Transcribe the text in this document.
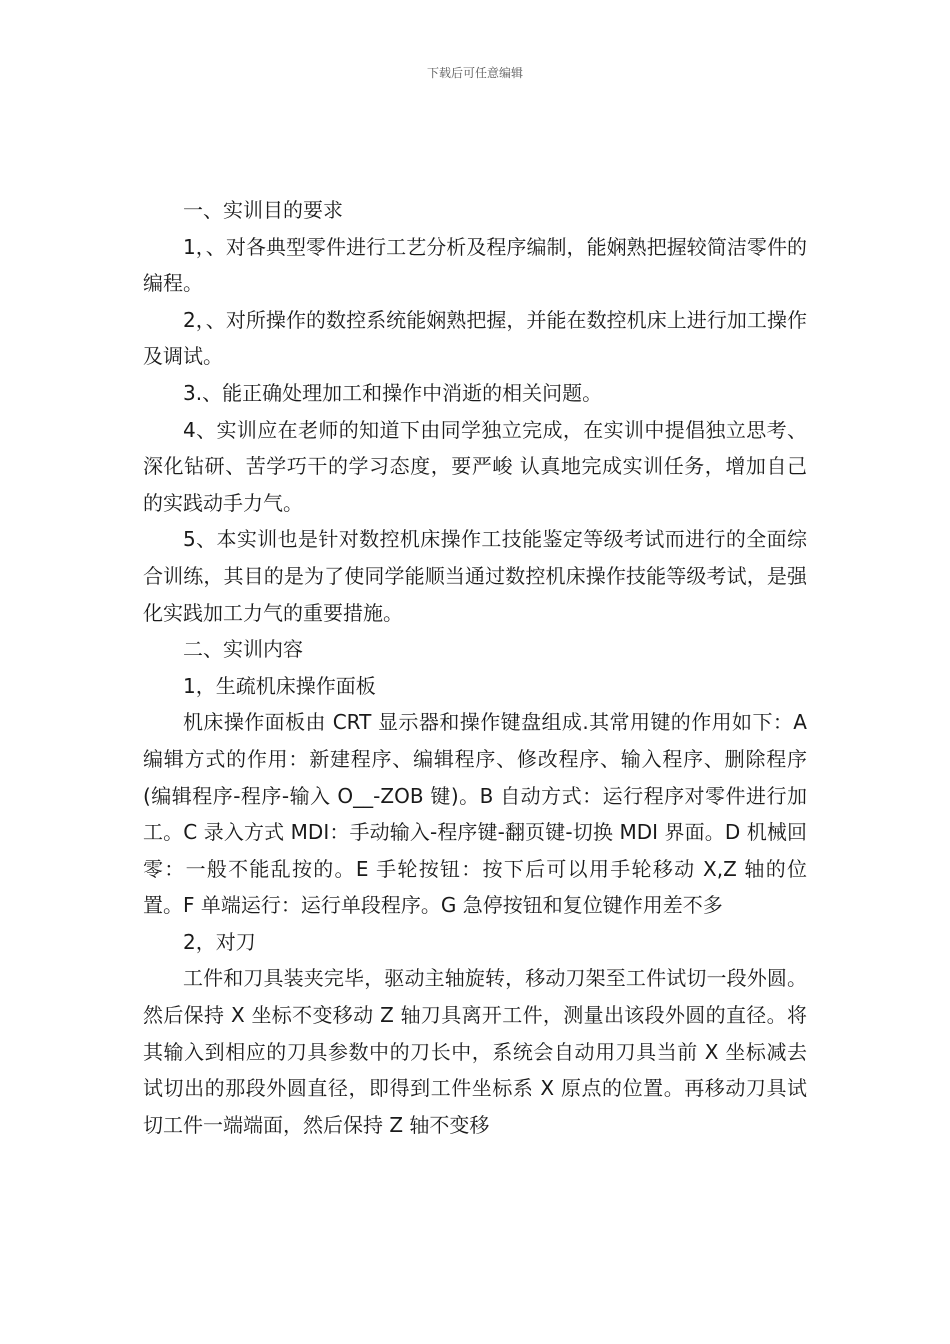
下载后可任意编辑

一、实训目的要求

1，、对各典型零件进行工艺分析及程序编制，能娴熟把握较简洁零件的编程。

2，、对所操作的数控系统能娴熟把握，并能在数控机床上进行加工操作及调试。

3.、能正确处理加工和操作中消逝的相关问题。

4、实训应在老师的知道下由同学独立完成，在实训中提倡独立思考、深化钻研、苦学巧干的学习态度，要严峻 认真地完成实训任务，增加自己的实践动手力气。

5、本实训也是针对数控机床操作工技能鉴定等级考试而进行的全面综合训练，其目的是为了使同学能顺当通过数控机床操作技能等级考试，是强化实践加工力气的重要措施。

二、实训内容

1，生疏机床操作面板

机床操作面板由 CRT 显示器和操作键盘组成.其常用键的作用如下：A 编辑方式的作用：新建程序、编辑程序、修改程序、输入程序、删除程序(编辑程序-程序-输入 O__-ZOB 键)。B 自动方式：运行程序对零件进行加工。C 录入方式 MDI：手动输入-程序键-翻页键-切换 MDI 界面。D 机械回零：一般不能乱按的。E 手轮按钮：按下后可以用手轮移动 X,Z 轴的位置。F 单端运行：运行单段程序。G 急停按钮和复位键作用差不多

2，对刀

工件和刀具装夹完毕，驱动主轴旋转，移动刀架至工件试切一段外圆。然后保持 X 坐标不变移动 Z 轴刀具离开工件，测量出该段外圆的直径。将其输入到相应的刀具参数中的刀长中，系统会自动用刀具当前 X 坐标减去试切出的那段外圆直径，即得到工件坐标系 X 原点的位置。再移动刀具试切工件一端端面，然后保持 Z 轴不变移
